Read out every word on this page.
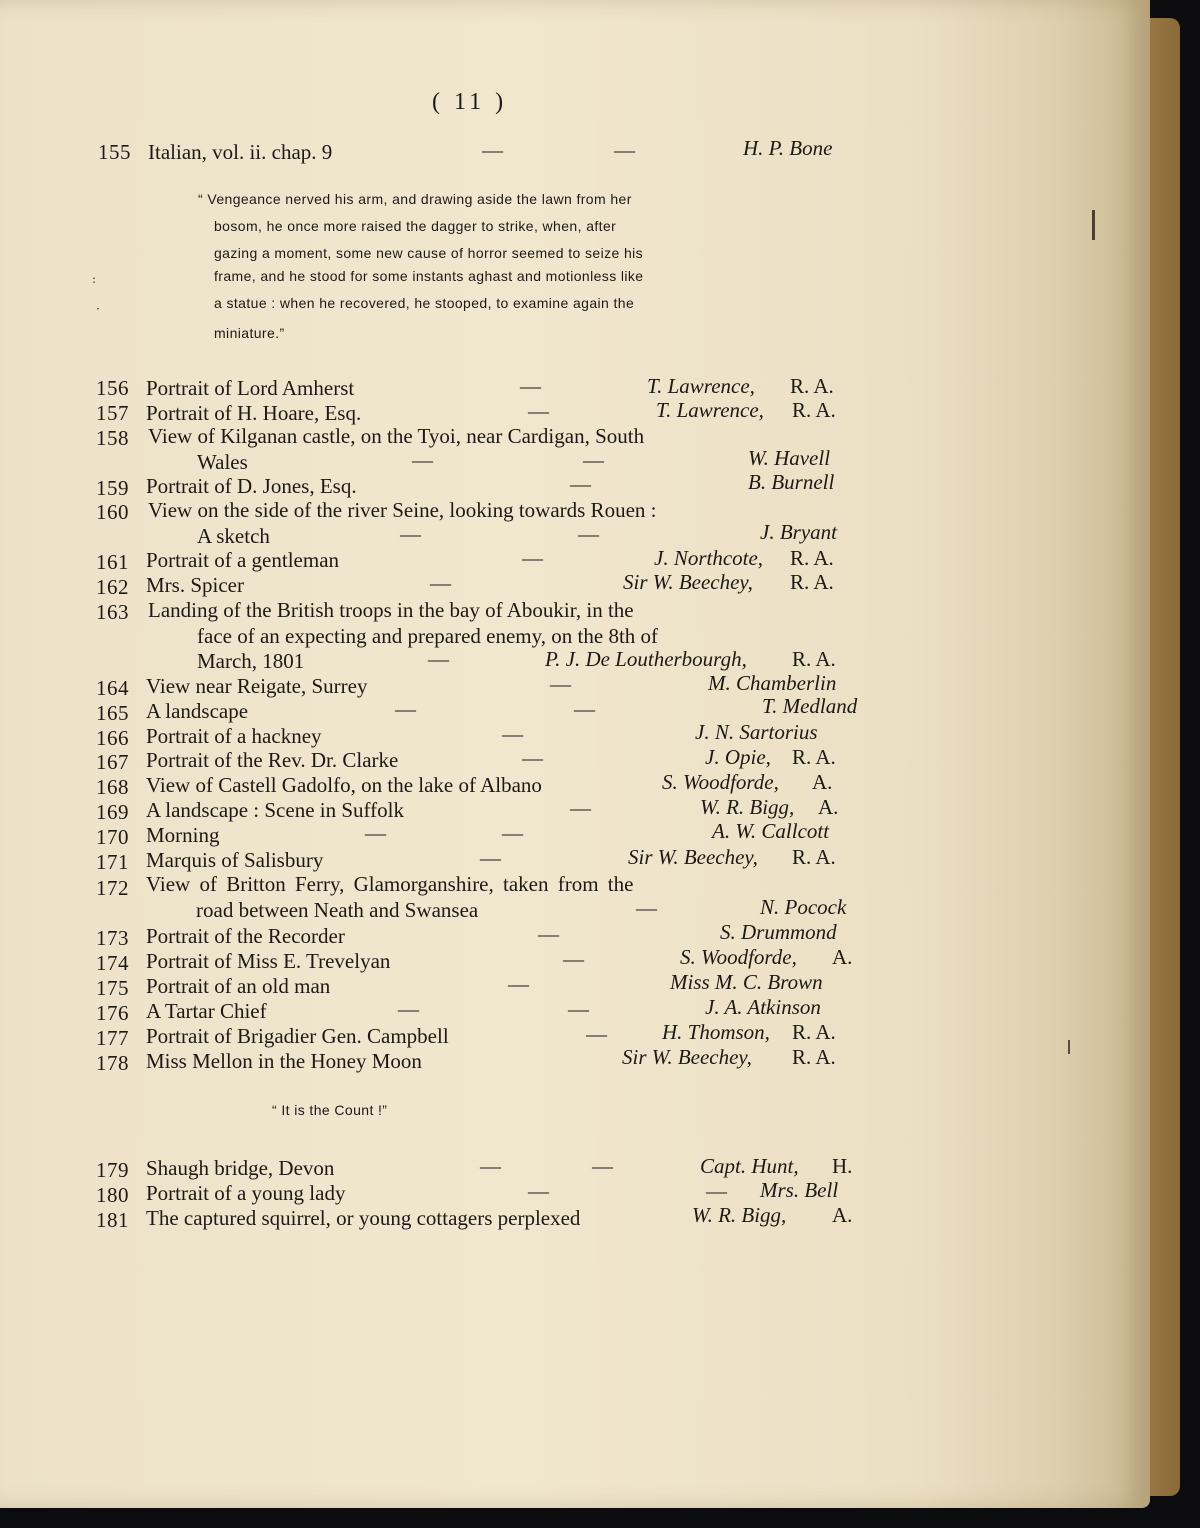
( 11 )
155 Italian, vol. ii. chap. 9	—	—	H. P. Bone
“ Vengeance nerved his arm, and drawing aside the lawn from her
bosom, he once more raised the dagger to strike, when, after
gazing a moment, some new cause of horror seemed to seize his
frame, and he stood for some instants aghast and motionless like
a statue : when he recovered, he stooped, to examine again the
miniature.”
:
·
156 Portrait of Lord Amherst	—	T. Lawrence, R. A.
157 Portrait of H. Hoare, Esq.	—	T. Lawrence, R. A.
158 View of Kilganan castle, on the Tyoi, near Cardigan, South
Wales	—	—	W. Havell
159 Portrait of D. Jones, Esq.	—	B. Burnell
160 View on the side of the river Seine, looking towards Rouen :
A sketch	—	—	J. Bryant
161 Portrait of a gentleman	—	J. Northcote, R. A.
162 Mrs. Spicer	—	Sir W. Beechey, R. A.
163 Landing of the British troops in the bay of Aboukir, in the
face of an expecting and prepared enemy, on the 8th of
March, 1801	—	P. J. De Loutherbourgh, R. A.
164 View near Reigate, Surrey	—	M. Chamberlin
165 A landscape	—	—	T. Medland
166 Portrait of a hackney	—	J. N. Sartorius
167 Portrait of the Rev. Dr. Clarke	—	J. Opie, R. A.
168 View of Castell Gadolfo, on the lake of Albano	S. Woodforde, A.
169 A landscape : Scene in Suffolk	—	W. R. Bigg, A.
170 Morning	—	—	A. W. Callcott
171 Marquis of Salisbury	—	Sir W. Beechey, R. A.
172 View of Britton Ferry, Glamorganshire, taken from the
road between Neath and Swansea	—	N. Pocock
173 Portrait of the Recorder	—	S. Drummond
174 Portrait of Miss E. Trevelyan	—	S. Woodforde, A.
175 Portrait of an old man	—	Miss M. C. Brown
176 A Tartar Chief	—	—	J. A. Atkinson
177 Portrait of Brigadier Gen. Campbell	—	H. Thomson, R. A.
178 Miss Mellon in the Honey Moon	Sir W. Beechey, R. A.
“ It is the Count !”
179 Shaugh bridge, Devon	—	—	Capt. Hunt, H.
180 Portrait of a young lady	—	— Mrs. Bell
181 The captured squirrel, or young cottagers perplexed	W. R. Bigg, A.
